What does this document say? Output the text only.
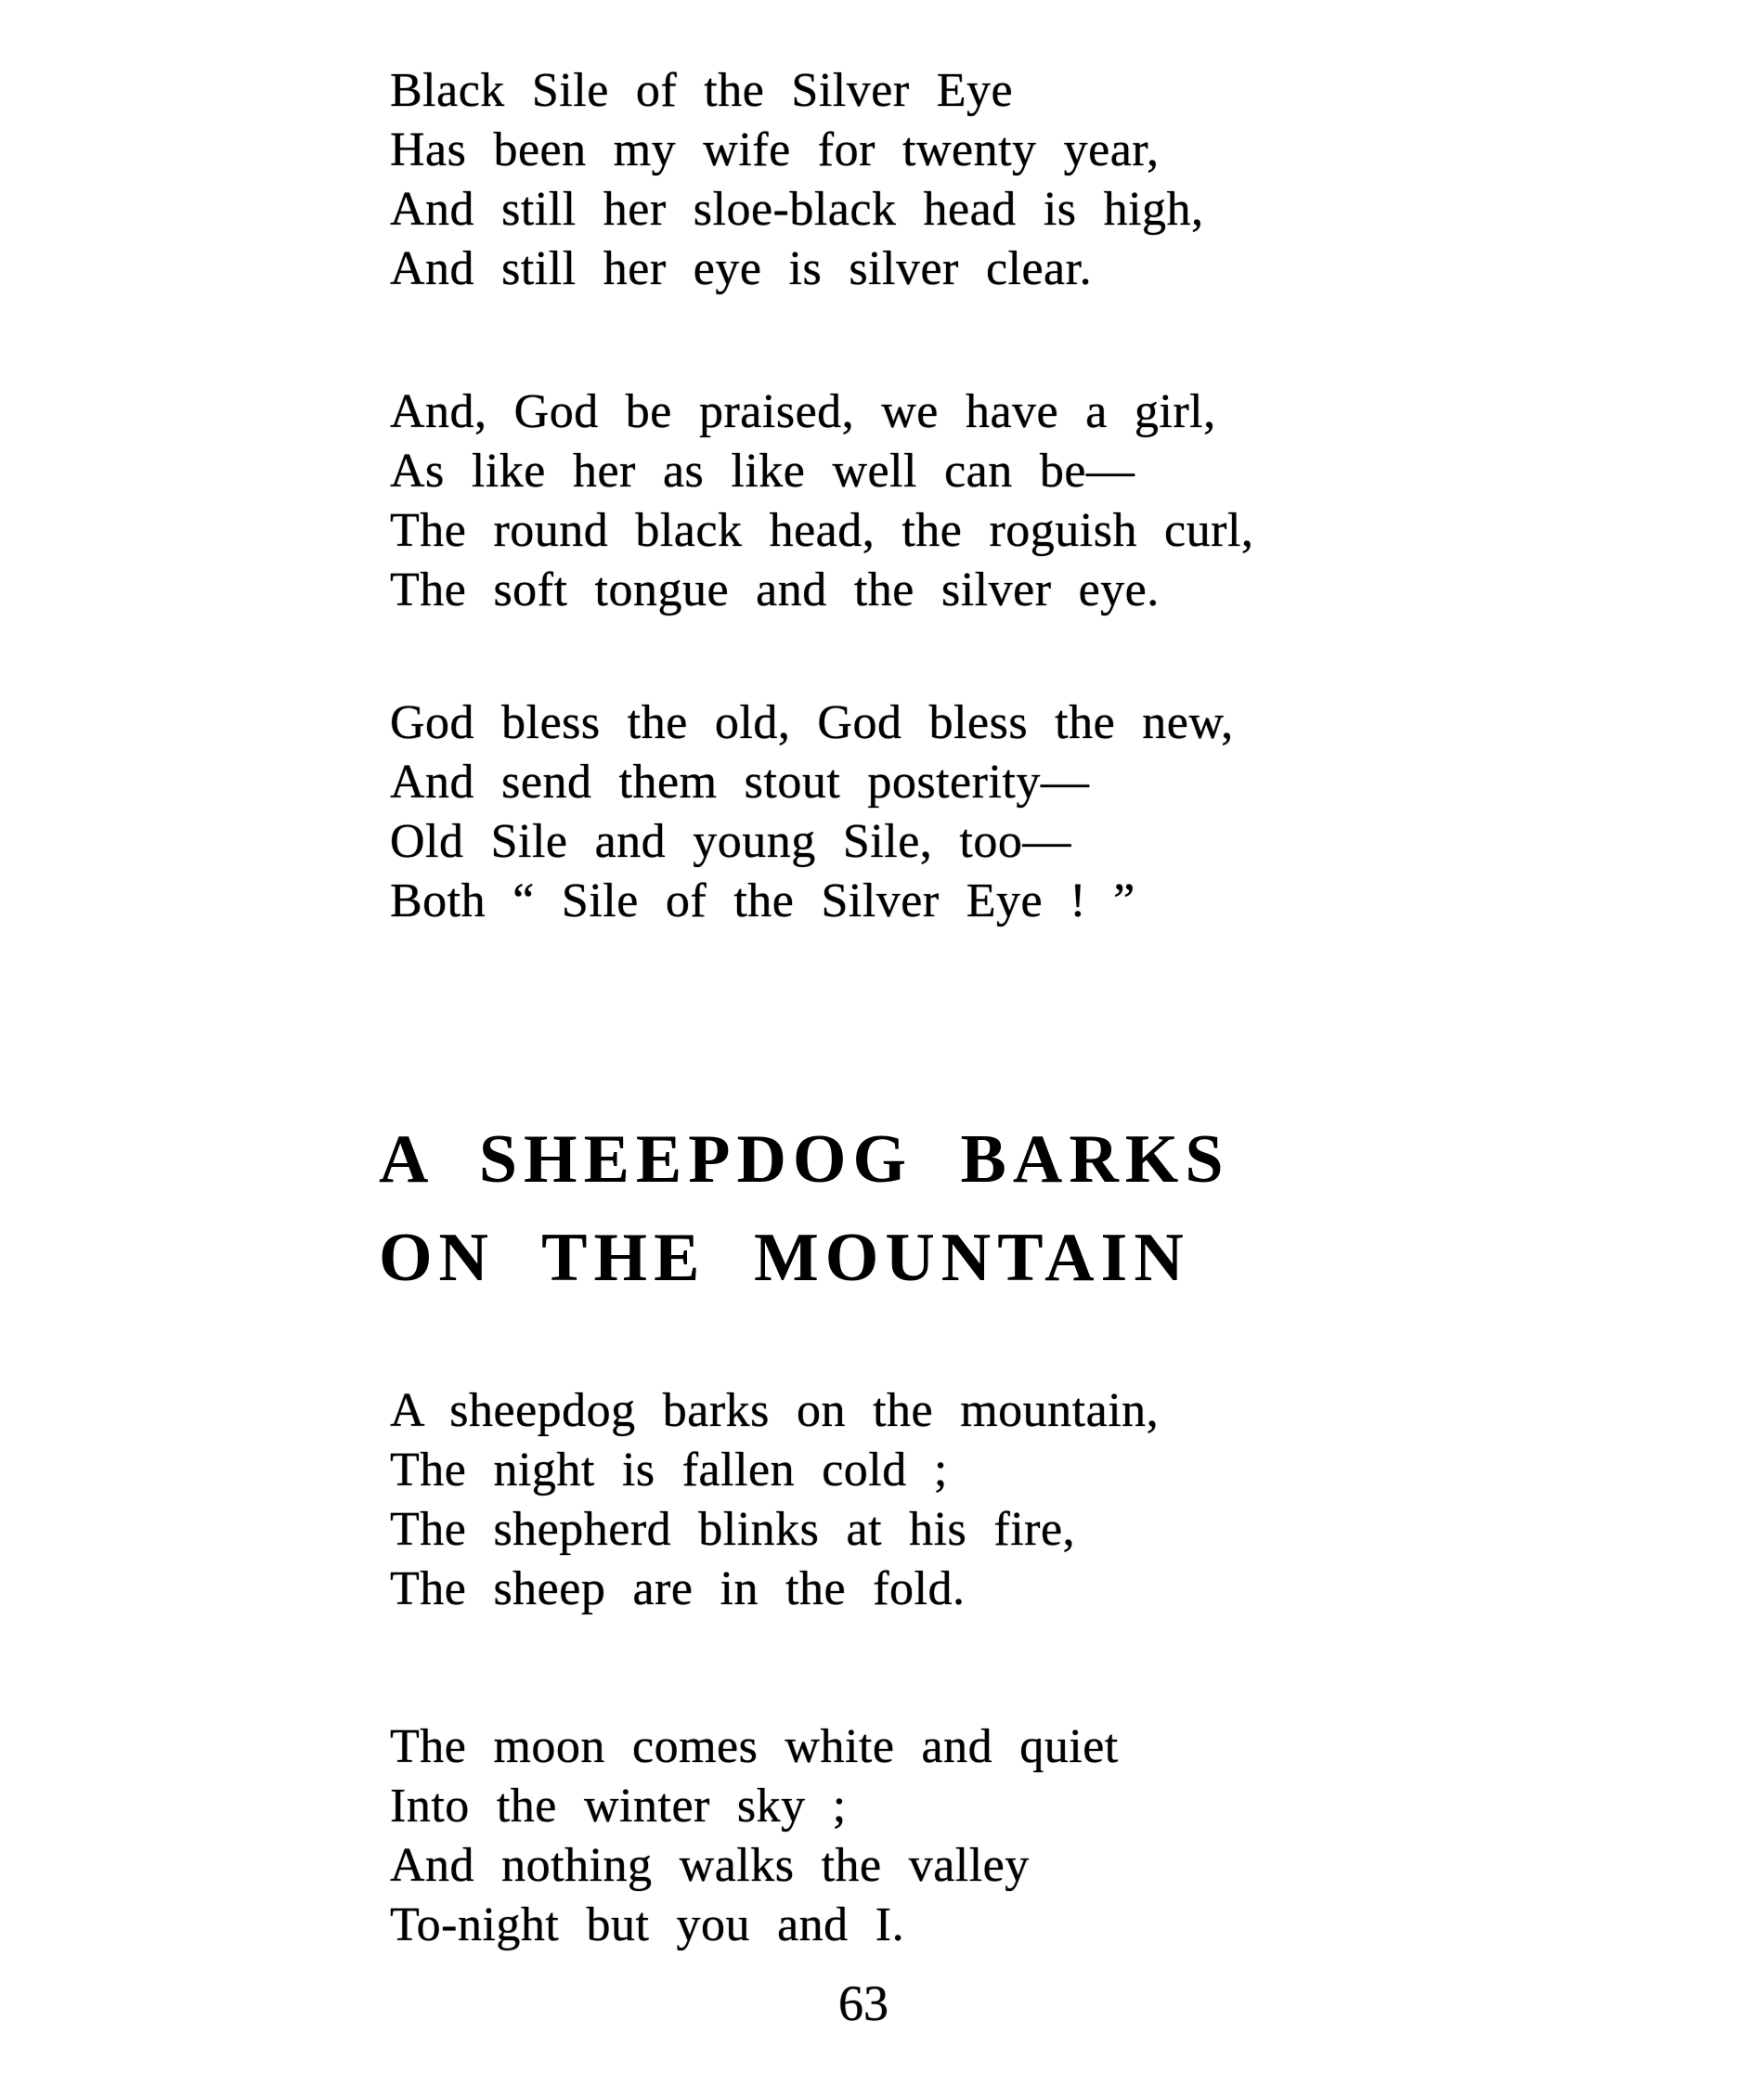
Black Sile of the Silver Eye
Has been my wife for twenty year,
And still her sloe-black head is high,
And still her eye is silver clear.
And, God be praised, we have a girl,
As like her as like well can be—
The round black head, the roguish curl,
The soft tongue and the silver eye.
God bless the old, God bless the new,
And send them stout posterity—
Old Sile and young Sile, too—
Both “ Sile of the Silver Eye ! ”
A SHEEPDOG BARKS
ON THE MOUNTAIN
A sheepdog barks on the mountain,
The night is fallen cold ;
The shepherd blinks at his fire,
The sheep are in the fold.
The moon comes white and quiet
Into the winter sky ;
And nothing walks the valley
To-night but you and I.
63
